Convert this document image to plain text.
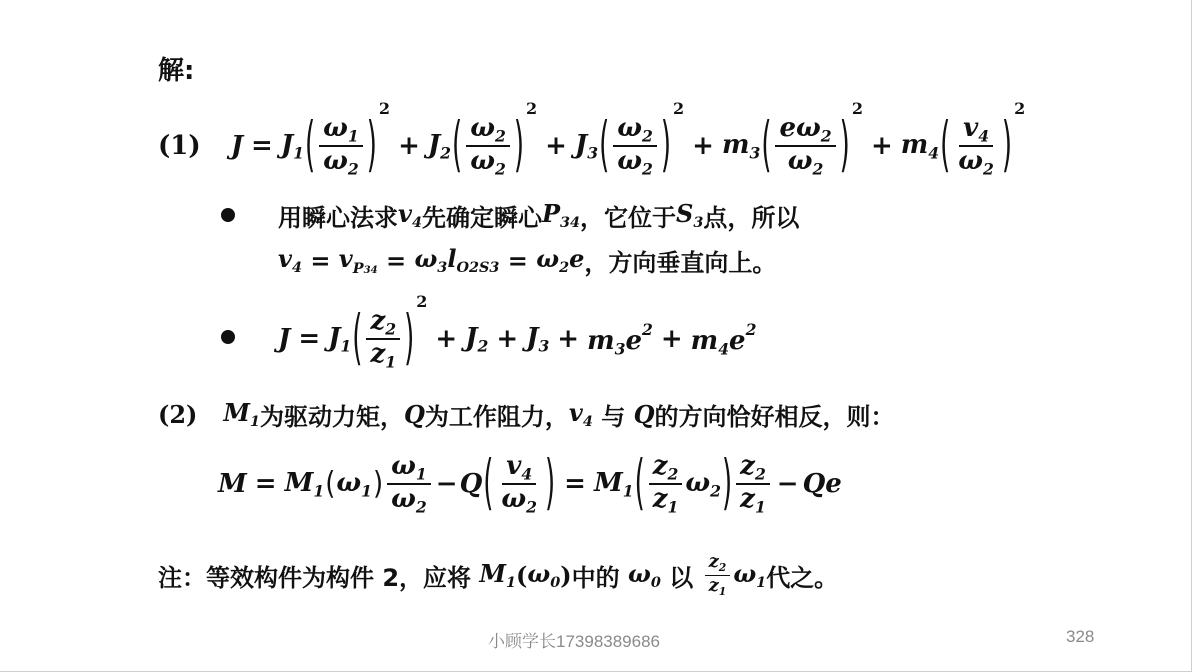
解:
(1) $J = J_1$ ( $\frac{\omega_1}{\omega_2}$ )
2
+ $J_2$ ( $\frac{\omega_2}{\omega_2}$ )
2
+ $J_3$ ( $\frac{\omega_2}{\omega_2}$ )
2
+ $m_3$ ( $\frac{e\omega_2}{\omega_2}$ )
2
+ $m_4$ ( $\frac{v_4}{\omega_2}$ )
2
用瞬心法求 $v_4$ 先确定瞬心 $P_{34}$ ，它位于 $S_3$ 点，所以
$v_4 = v_{P34} = \omega_3$ $l_{O2S3} = \omega_2e$ ，方向垂直向上。
$J = J_1$ ( $\frac{z_2}{z_1}$ )
2
+ $J_2 + J_3 + m_3e^2 + m_4e^2$
(2) $M_1$ 为驱动力矩， Q 为工作阻力， $v_4$ 与 Q 的方向恰好相反，则：
$M = M_1$ ( $\omega_1$ ) $\frac{\omega_1}{\omega_2} - Q$ ( $\frac{v_4}{\omega_2}$ ) = $M_1$ ( $\frac{z_2}{z_1} \omega_2$ ) $\frac{z_2}{z_1} - Qe$
注：等效构件为构件 2，应将 $M_1$ ( $\omega_0$ ) 中的 $\omega_0$ 以 $\frac{z_2}{z_1} \omega_1$ 代之。
小顾学长17398389686	328
